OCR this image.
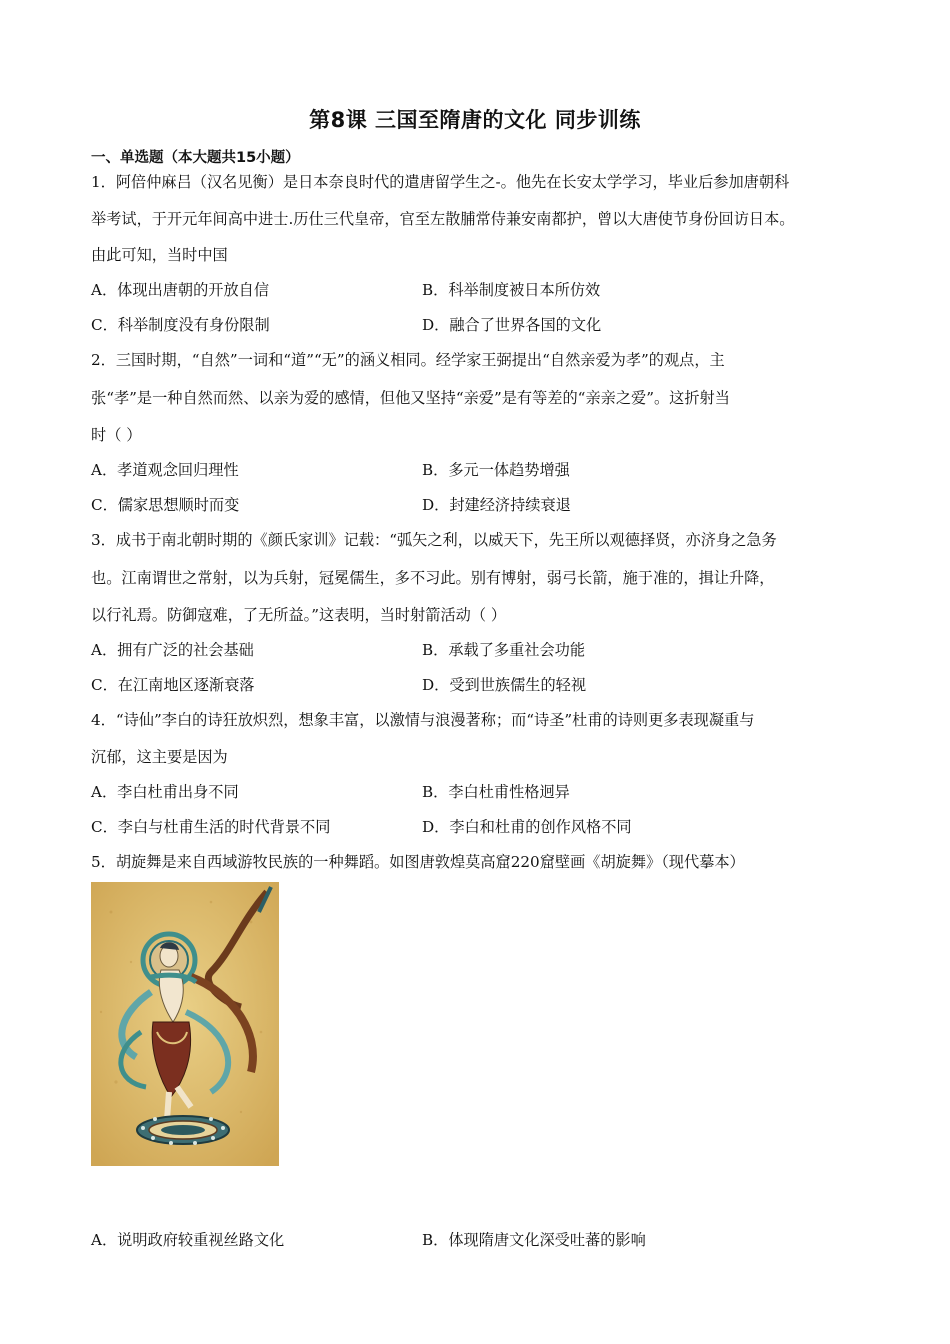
第8课 三国至隋唐的文化 同步训练
一、单选题（本大题共15小题）
1．阿倍仲麻吕（汉名见衡）是日本奈良时代的遣唐留学生之-。他先在长安太学学习，毕业后参加唐朝科
举考试，于开元年间高中进士.历仕三代皇帝，官至左散脯常侍兼安南都护，曾以大唐使节身份回访日本。
由此可知，当时中国
A．体现出唐朝的开放自信	B．科举制度被日本所仿效
C．科举制度没有身份限制	D．融合了世界各国的文化
2．三国时期，“自然”一词和“道”“无”的涵义相同。经学家王弼提出“自然亲爱为孝”的观点，主
张“孝”是一种自然而然、以亲为爱的感情，但他又坚持“亲爱”是有等差的“亲亲之爱”。这折射当
时（ ）
A．孝道观念回归理性	B．多元一体趋势增强
C．儒家思想顺时而变	D．封建经济持续衰退
3．成书于南北朝时期的《颜氏家训》记载：“弧矢之利，以威天下，先王所以观德择贤，亦济身之急务
也。江南谓世之常射，以为兵射，冠冕儒生，多不习此。别有博射，弱弓长箭，施于准的，揖让升降，
以行礼焉。防御寇难，了无所益。”这表明，当时射箭活动（ ）
A．拥有广泛的社会基础	B．承载了多重社会功能
C．在江南地区逐渐衰落	D．受到世族儒生的轻视
4．“诗仙”李白的诗狂放炽烈，想象丰富，以激情与浪漫著称；而“诗圣”杜甫的诗则更多表现凝重与
沉郁，这主要是因为
A．李白杜甫出身不同	B．李白杜甫性格迥异
C．李白与杜甫生活的时代背景不同	D．李白和杜甫的创作风格不同
5．胡旋舞是来自西域游牧民族的一种舞蹈。如图唐敦煌莫高窟220窟壁画《胡旋舞》（现代摹本）
A．说明政府较重视丝路文化	B．体现隋唐文化深受吐蕃的影响
